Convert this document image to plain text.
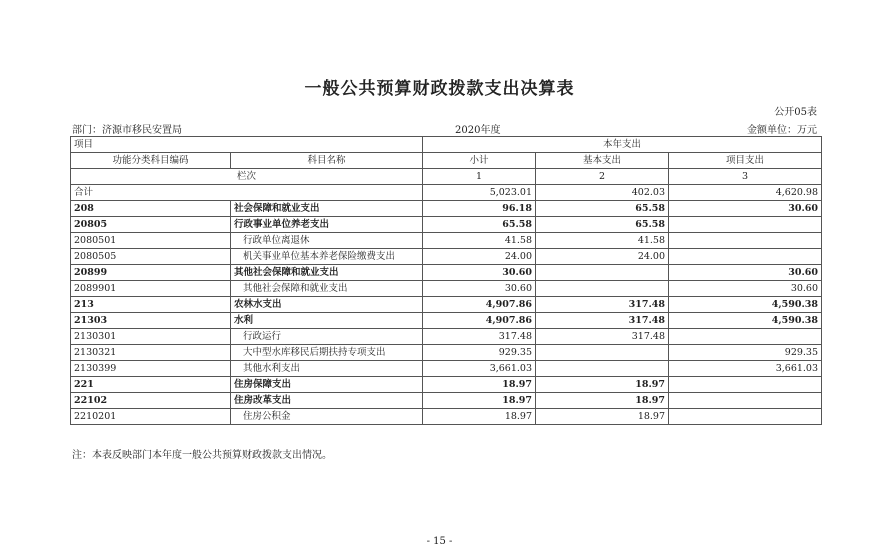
一般公共预算财政拨款支出决算表
公开05表
部门：济源市移民安置局	2020年度	金额单位：万元
项目		本年支出		
功能分类科目编码	科目名称	小计	基本支出	项目支出
栏次		1	2	3
合计		5,023.01	402.03	4,620.98
208	社会保障和就业支出	96.18	65.58	30.60
20805	行政事业单位养老支出	65.58	65.58	
2080501	行政单位离退休	41.58	41.58	
2080505	机关事业单位基本养老保险缴费支出	24.00	24.00	
20899	其他社会保障和就业支出	30.60		30.60
2089901	其他社会保障和就业支出	30.60		30.60
213	农林水支出	4,907.86	317.48	4,590.38
21303	水利	4,907.86	317.48	4,590.38
2130301	行政运行	317.48	317.48	
2130321	大中型水库移民后期扶持专项支出	929.35		929.35
2130399	其他水利支出	3,661.03		3,661.03
221	住房保障支出	18.97	18.97	
22102	住房改革支出	18.97	18.97	
2210201	住房公积金	18.97	18.97	
注：本表反映部门本年度一般公共预算财政拨款支出情况。
- 15 -
